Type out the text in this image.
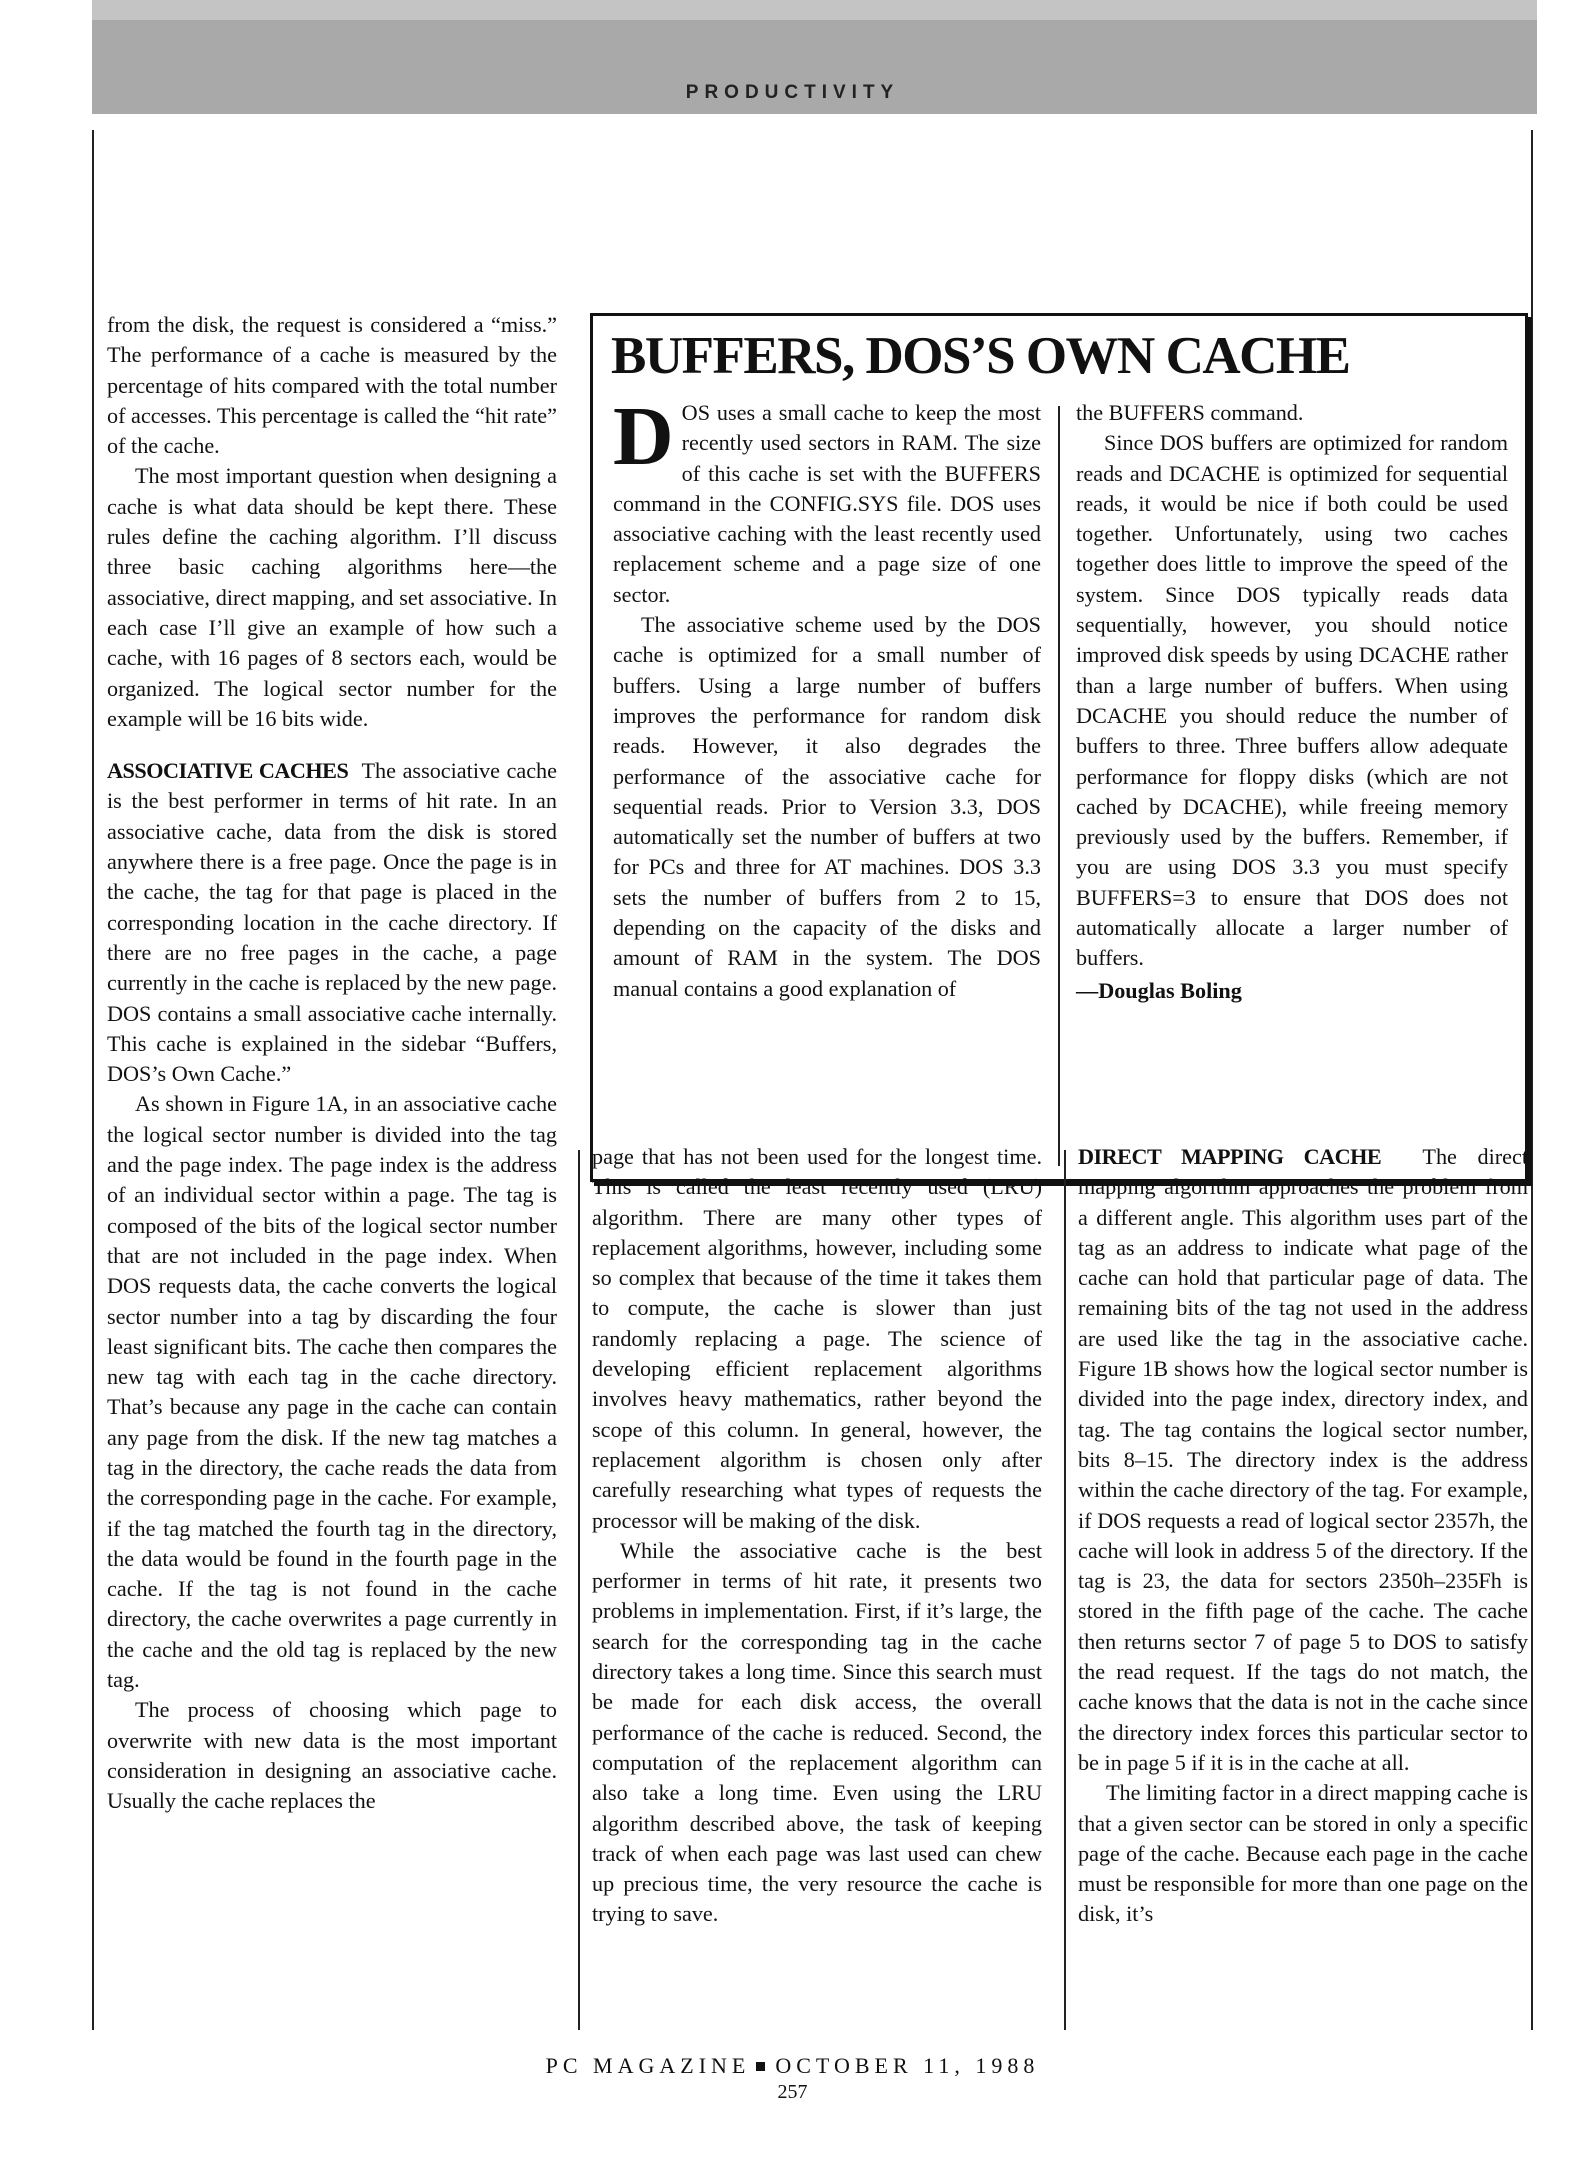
PRODUCTIVITY

from the disk, the request is considered a “miss.” The performance of a cache is measured by the percentage of hits compared with the total number of accesses. This percentage is called the “hit rate” of the cache.

The most important question when designing a cache is what data should be kept there. These rules define the caching algorithm. I’ll discuss three basic caching algorithms here—the associative, direct mapping, and set associative. In each case I’ll give an example of how such a cache, with 16 pages of 8 sectors each, would be organized. The logical sector number for the example will be 16 bits wide.

ASSOCIATIVE CACHES The associative cache is the best performer in terms of hit rate. In an associative cache, data from the disk is stored anywhere there is a free page. Once the page is in the cache, the tag for that page is placed in the corresponding location in the cache directory. If there are no free pages in the cache, a page currently in the cache is replaced by the new page. DOS contains a small associative cache internally. This cache is explained in the sidebar “Buffers, DOS’s Own Cache.”

As shown in Figure 1A, in an associative cache the logical sector number is divided into the tag and the page index. The page index is the address of an individual sector within a page. The tag is composed of the bits of the logical sector number that are not included in the page index. When DOS requests data, the cache converts the logical sector number into a tag by discarding the four least significant bits. The cache then compares the new tag with each tag in the cache directory. That’s because any page in the cache can contain any page from the disk. If the new tag matches a tag in the directory, the cache reads the data from the corresponding page in the cache. For example, if the tag matched the fourth tag in the directory, the data would be found in the fourth page in the cache. If the tag is not found in the cache directory, the cache overwrites a page currently in the cache and the old tag is replaced by the new tag.

The process of choosing which page to overwrite with new data is the most important consideration in designing an associative cache. Usually the cache replaces the

BUFFERS, DOS’S OWN CACHE

DOS uses a small cache to keep the most recently used sectors in RAM. The size of this cache is set with the BUFFERS command in the CONFIG.SYS file. DOS uses associative caching with the least recently used replacement scheme and a page size of one sector.

The associative scheme used by the DOS cache is optimized for a small number of buffers. Using a large number of buffers improves the performance for random disk reads. However, it also degrades the performance of the associative cache for sequential reads. Prior to Version 3.3, DOS automatically set the number of buffers at two for PCs and three for AT machines. DOS 3.3 sets the number of buffers from 2 to 15, depending on the capacity of the disks and amount of RAM in the system. The DOS manual contains a good explanation of

the BUFFERS command.

Since DOS buffers are optimized for random reads and DCACHE is optimized for sequential reads, it would be nice if both could be used together. Unfortunately, using two caches together does little to improve the speed of the system. Since DOS typically reads data sequentially, however, you should notice improved disk speeds by using DCACHE rather than a large number of buffers. When using DCACHE you should reduce the number of buffers to three. Three buffers allow adequate performance for floppy disks (which are not cached by DCACHE), while freeing memory previously used by the buffers. Remember, if you are using DOS 3.3 you must specify BUFFERS=3 to ensure that DOS does not automatically allocate a larger number of buffers.

—Douglas Boling

page that has not been used for the longest time. This is called the least recently used (LRU) algorithm. There are many other types of replacement algorithms, however, including some so complex that because of the time it takes them to compute, the cache is slower than just randomly replacing a page. The science of developing efficient replacement algorithms involves heavy mathematics, rather beyond the scope of this column. In general, however, the replacement algorithm is chosen only after carefully researching what types of requests the processor will be making of the disk.

While the associative cache is the best performer in terms of hit rate, it presents two problems in implementation. First, if it’s large, the search for the corresponding tag in the cache directory takes a long time. Since this search must be made for each disk access, the overall performance of the cache is reduced. Second, the computation of the replacement algorithm can also take a long time. Even using the LRU algorithm described above, the task of keeping track of when each page was last used can chew up precious time, the very resource the cache is trying to save.

DIRECT MAPPING CACHE The direct mapping algorithm approaches the problem from a different angle. This algorithm uses part of the tag as an address to indicate what page of the cache can hold that particular page of data. The remaining bits of the tag not used in the address are used like the tag in the associative cache. Figure 1B shows how the logical sector number is divided into the page index, directory index, and tag. The tag contains the logical sector number, bits 8–15. The directory index is the address within the cache directory of the tag. For example, if DOS requests a read of logical sector 2357h, the cache will look in address 5 of the directory. If the tag is 23, the data for sectors 2350h–235Fh is stored in the fifth page of the cache. The cache then returns sector 7 of page 5 to DOS to satisfy the read request. If the tags do not match, the cache knows that the data is not in the cache since the directory index forces this particular sector to be in page 5 if it is in the cache at all.

The limiting factor in a direct mapping cache is that a given sector can be stored in only a specific page of the cache. Because each page in the cache must be responsible for more than one page on the disk, it’s

PC MAGAZINE OCTOBER 11, 1988
257
